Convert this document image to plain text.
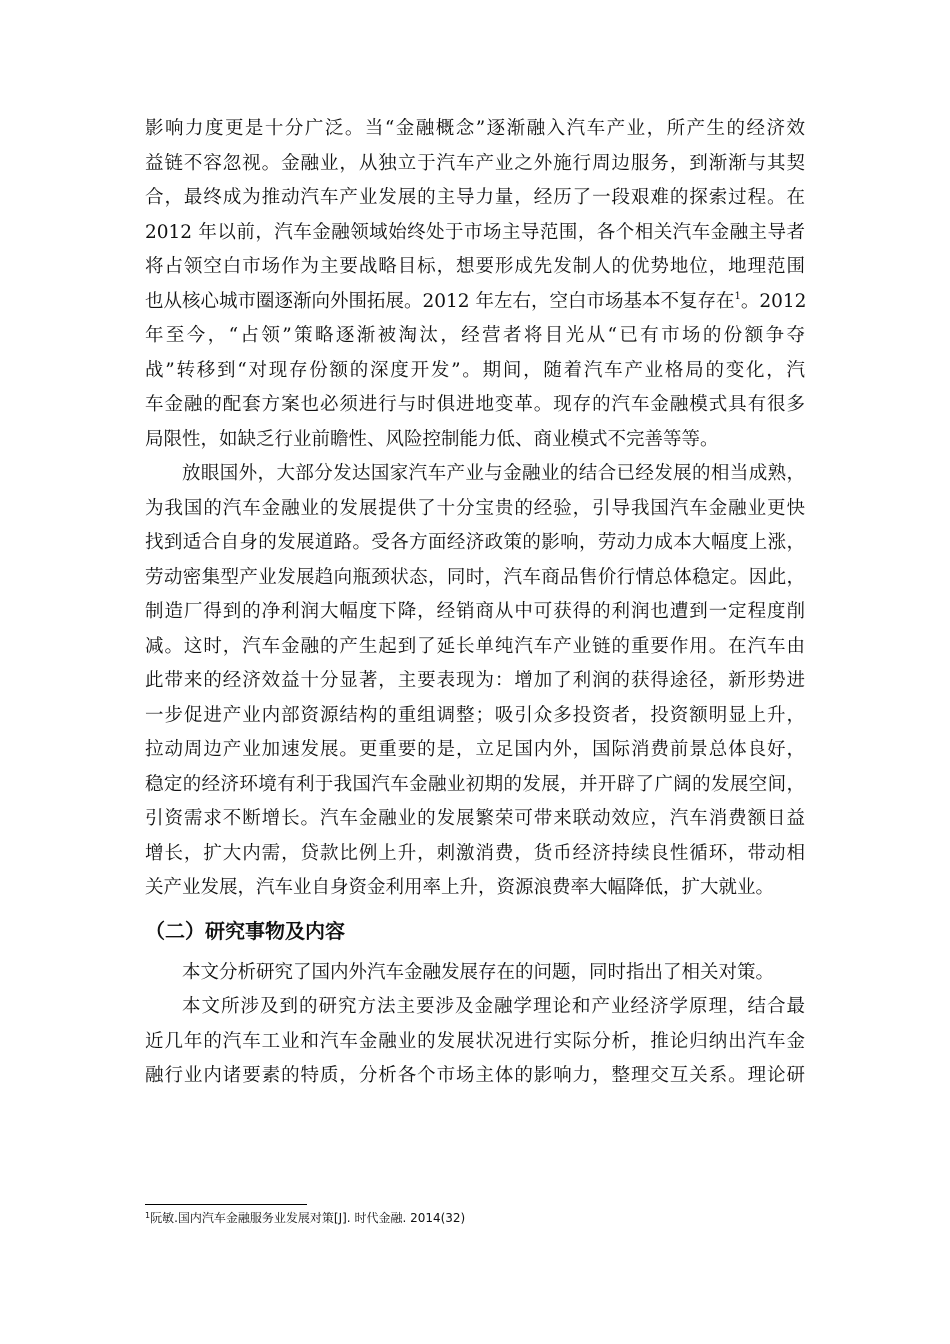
影响力度更是十分广泛。当“金融概念”逐渐融入汽车产业，所产生的经济效
益链不容忽视。金融业，从独立于汽车产业之外施行周边服务，到渐渐与其契
合，最终成为推动汽车产业发展的主导力量，经历了一段艰难的探索过程。在
2012 年以前，汽车金融领域始终处于市场主导范围，各个相关汽车金融主导者
将占领空白市场作为主要战略目标，想要形成先发制人的优势地位，地理范围
也从核心城市圈逐渐向外围拓展。2012 年左右，空白市场基本不复存在$^1$。2012
年至今，“占领”策略逐渐被淘汰，经营者将目光从“已有市场的份额争夺
战”转移到“对现存份额的深度开发”。期间，随着汽车产业格局的变化，汽
车金融的配套方案也必须进行与时俱进地变革。现存的汽车金融模式具有很多
局限性，如缺乏行业前瞻性、风险控制能力低、商业模式不完善等等。
放眼国外，大部分发达国家汽车产业与金融业的结合已经发展的相当成熟，
为我国的汽车金融业的发展提供了十分宝贵的经验，引导我国汽车金融业更快
找到适合自身的发展道路。受各方面经济政策的影响，劳动力成本大幅度上涨，
劳动密集型产业发展趋向瓶颈状态，同时，汽车商品售价行情总体稳定。因此，
制造厂得到的净利润大幅度下降，经销商从中可获得的利润也遭到一定程度削
减。这时，汽车金融的产生起到了延长单纯汽车产业链的重要作用。在汽车由
此带来的经济效益十分显著，主要表现为：增加了利润的获得途径，新形势进
一步促进产业内部资源结构的重组调整；吸引众多投资者，投资额明显上升，
拉动周边产业加速发展。更重要的是，立足国内外，国际消费前景总体良好，
稳定的经济环境有利于我国汽车金融业初期的发展，并开辟了广阔的发展空间，
引资需求不断增长。汽车金融业的发展繁荣可带来联动效应，汽车消费额日益
增长，扩大内需，贷款比例上升，刺激消费，货币经济持续良性循环，带动相
关产业发展，汽车业自身资金利用率上升，资源浪费率大幅降低，扩大就业。
（二）研究事物及内容
本文分析研究了国内外汽车金融发展存在的问题，同时指出了相关对策。
本文所涉及到的研究方法主要涉及金融学理论和产业经济学原理，结合最
近几年的汽车工业和汽车金融业的发展状况进行实际分析，推论归纳出汽车金
融行业内诸要素的特质，分析各个市场主体的影响力，整理交互关系。理论研
$^1$阮敏.国内汽车金融服务业发展对策[J]. 时代金融. 2014(32)
